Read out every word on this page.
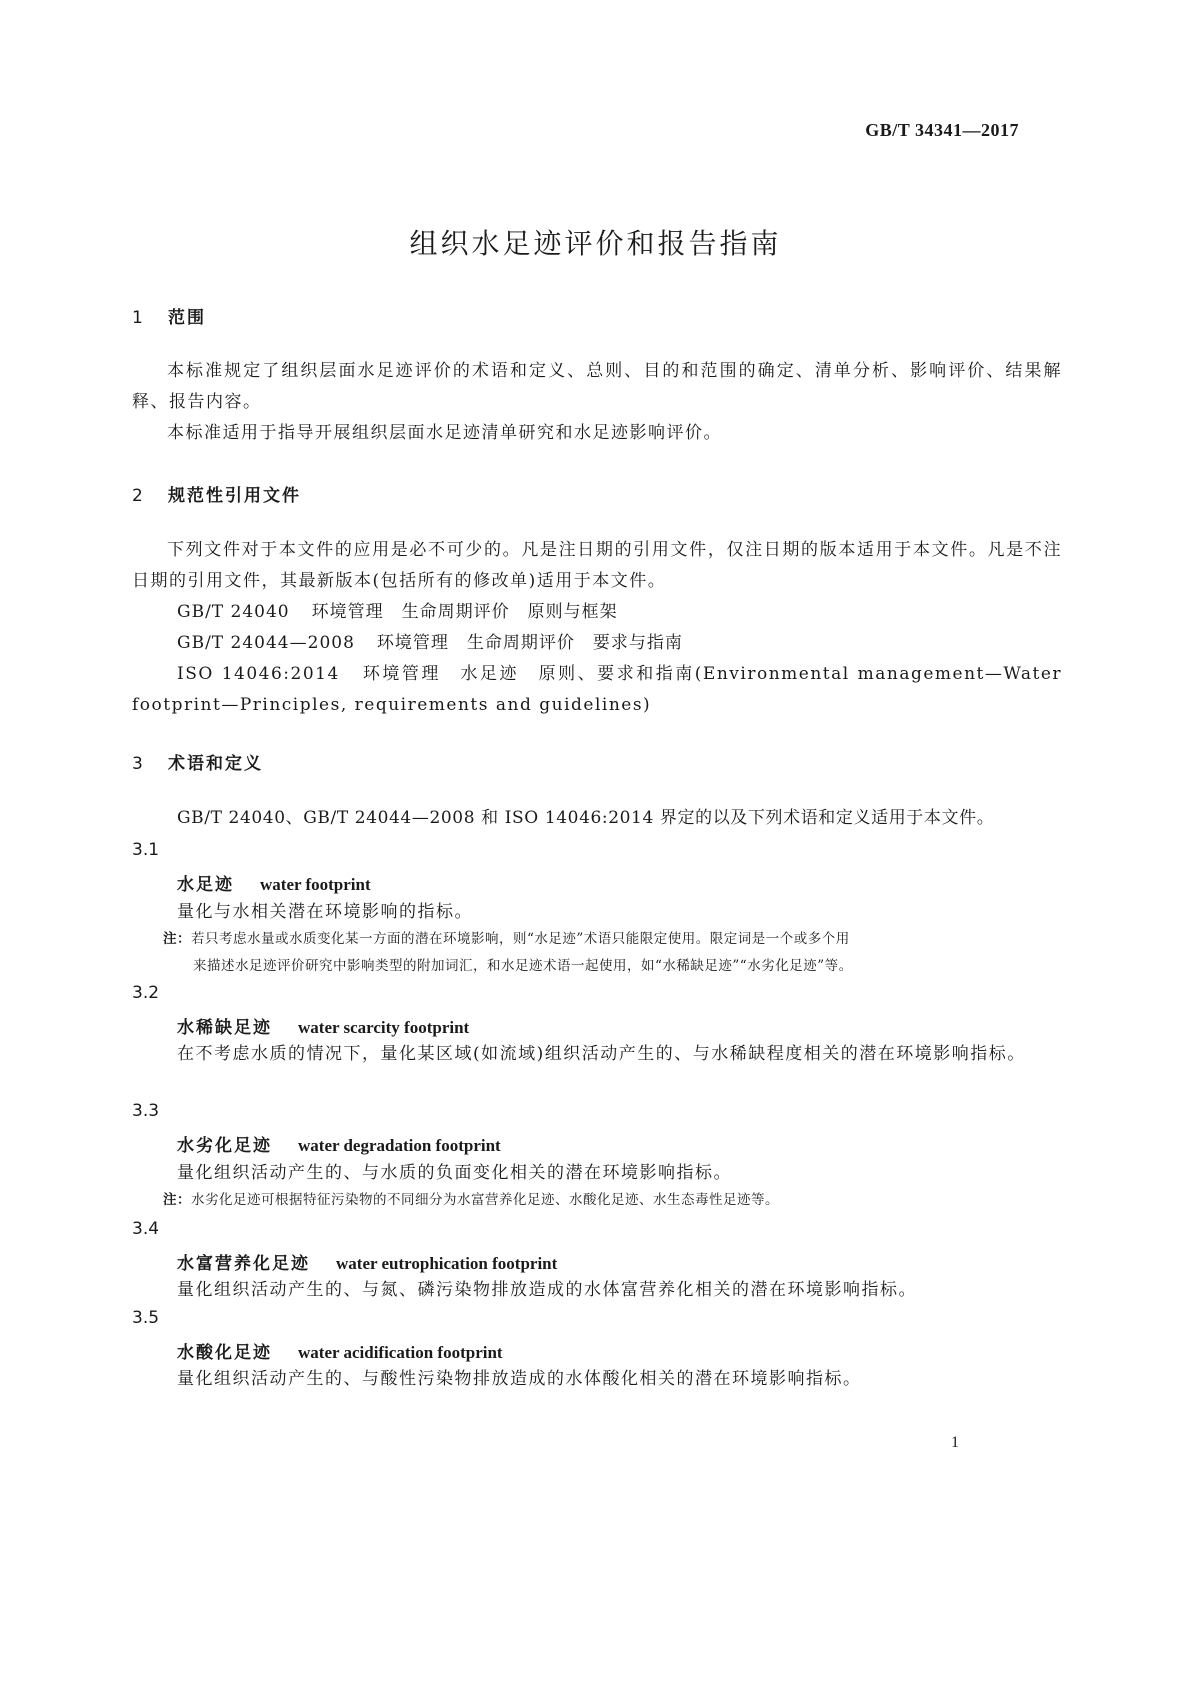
GB/T 34341—2017
组织水足迹评价和报告指南
1 范围
本标准规定了组织层面水足迹评价的术语和定义、总则、目的和范围的确定、清单分析、影响评价、结果解释、报告内容。
本标准适用于指导开展组织层面水足迹清单研究和水足迹影响评价。
2 规范性引用文件
下列文件对于本文件的应用是必不可少的。凡是注日期的引用文件，仅注日期的版本适用于本文件。凡是不注日期的引用文件，其最新版本(包括所有的修改单)适用于本文件。
GB/T 24040 环境管理　生命周期评价　原则与框架
GB/T 24044—2008 环境管理　生命周期评价　要求与指南
ISO 14046:2014 环境管理　水足迹　原则、要求和指南(Environmental management—Water footprint—Principles, requirements and guidelines)
3 术语和定义
GB/T 24040、GB/T 24044—2008 和 ISO 14046:2014 界定的以及下列术语和定义适用于本文件。
3.1
水足迹 water footprint
量化与水相关潜在环境影响的指标。
注：若只考虑水量或水质变化某一方面的潜在环境影响，则“水足迹”术语只能限定使用。限定词是一个或多个用
来描述水足迹评价研究中影响类型的附加词汇，和水足迹术语一起使用，如“水稀缺足迹”“水劣化足迹”等。
3.2
水稀缺足迹 water scarcity footprint
在不考虑水质的情况下，量化某区域(如流域)组织活动产生的、与水稀缺程度相关的潜在环境影响指标。
3.3
水劣化足迹 water degradation footprint
量化组织活动产生的、与水质的负面变化相关的潜在环境影响指标。
注：水劣化足迹可根据特征污染物的不同细分为水富营养化足迹、水酸化足迹、水生态毒性足迹等。
3.4
水富营养化足迹 water eutrophication footprint
量化组织活动产生的、与氮、磷污染物排放造成的水体富营养化相关的潜在环境影响指标。
3.5
水酸化足迹 water acidification footprint
量化组织活动产生的、与酸性污染物排放造成的水体酸化相关的潜在环境影响指标。
1
